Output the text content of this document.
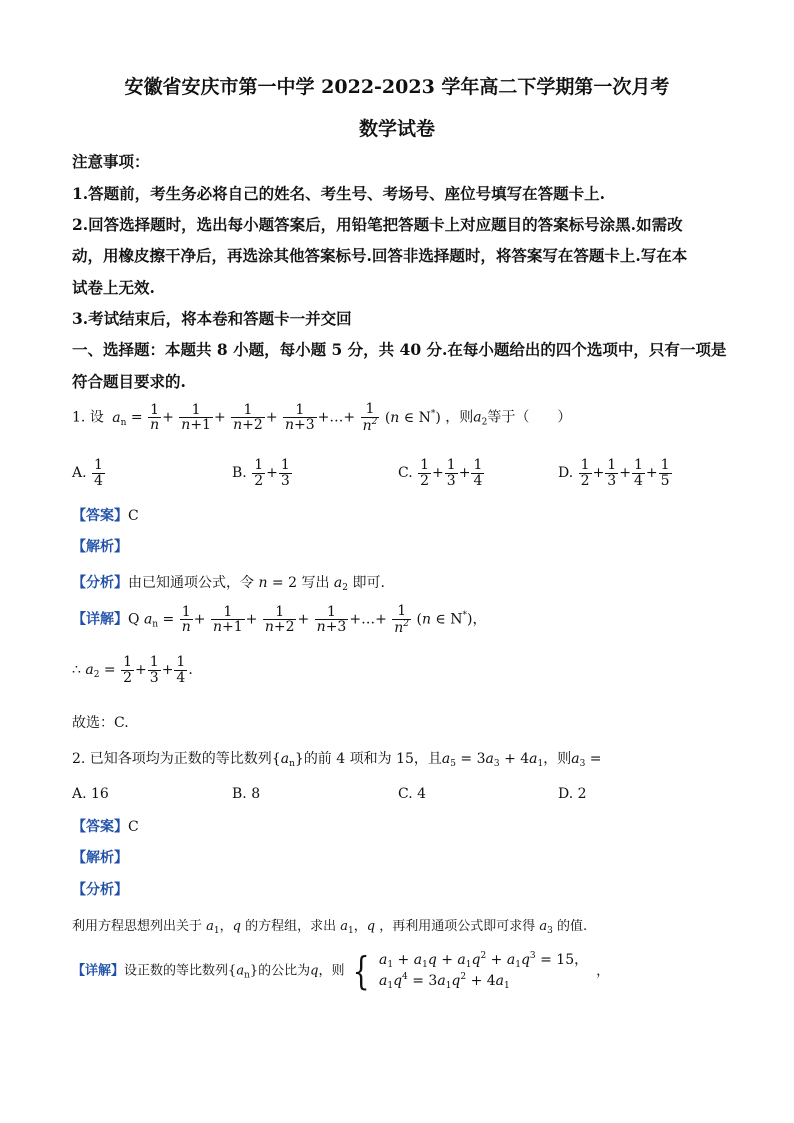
安徽省安庆市第一中学 2022-2023 学年高二下学期第一次月考
数学试卷
注意事项：
1.答题前，考生务必将自己的姓名、考生号、考场号、座位号填写在答题卡上.
2.回答选择题时，选出每小题答案后，用铅笔把答题卡上对应题目的答案标号涂黑.如需改
动，用橡皮擦干净后，再选涂其他答案标号.回答非选择题时，将答案写在答题卡上.写在本
试卷上无效.
3.考试结束后，将本卷和答题卡一并交回
一、选择题：本题共 8 小题，每小题 5 分，共 40 分.在每小题给出的四个选项中，只有一项是
符合题目要求的.
1. 设 $a_n = \frac{1}{n} + \frac{1}{n+1} + \frac{1}{n+2} + \frac{1}{n+3}$ +…+ $\frac{1}{n^2} (n$ ∈ N*) ，则$a_2$等于（　　）
A. $\frac{1}{4}$	B. $\frac{1}{2} + \frac{1}{3}$	C. $\frac{1}{2} + \frac{1}{3} + \frac{1}{4}$	D. $\frac{1}{2} + \frac{1}{3} + \frac{1}{4} + \frac{1}{5}$
【答案】C
【解析】
【分析】由已知通项公式，令 n = 2 写出 $a_2$ 即可.
【详解】Q $a_n = \frac{1}{n} + \frac{1}{n+1} + \frac{1}{n+2} + \frac{1}{n+3}$ +…+ $\frac{1}{n^2} (n$ ∈ N*)，
∴ $a_2 = \frac{1}{2} + \frac{1}{3} + \frac{1}{4}$ .
故选：C.
2. 已知各项均为正数的等比数列$\{a_n\}$的前 4 项和为 15，且$a_5 = 3a_3 + 4a_1$，则$a_3$ =
A. 16	B. 8	C. 4	D. 2
【答案】C
【解析】
【分析】
利用方程思想列出关于 $a_1$，q 的方程组，求出 $a_1$，q ，再利用通项公式即可求得 $a_3$ 的值.
【详解】设正数的等比数列$\{a_n\}$的公比为q，则 { $a_1 + a_1q + a_1q^2 + a_1q^3 = 15$，
$a_1q^4 = 3a_1q^2 + 4a_1$
，
